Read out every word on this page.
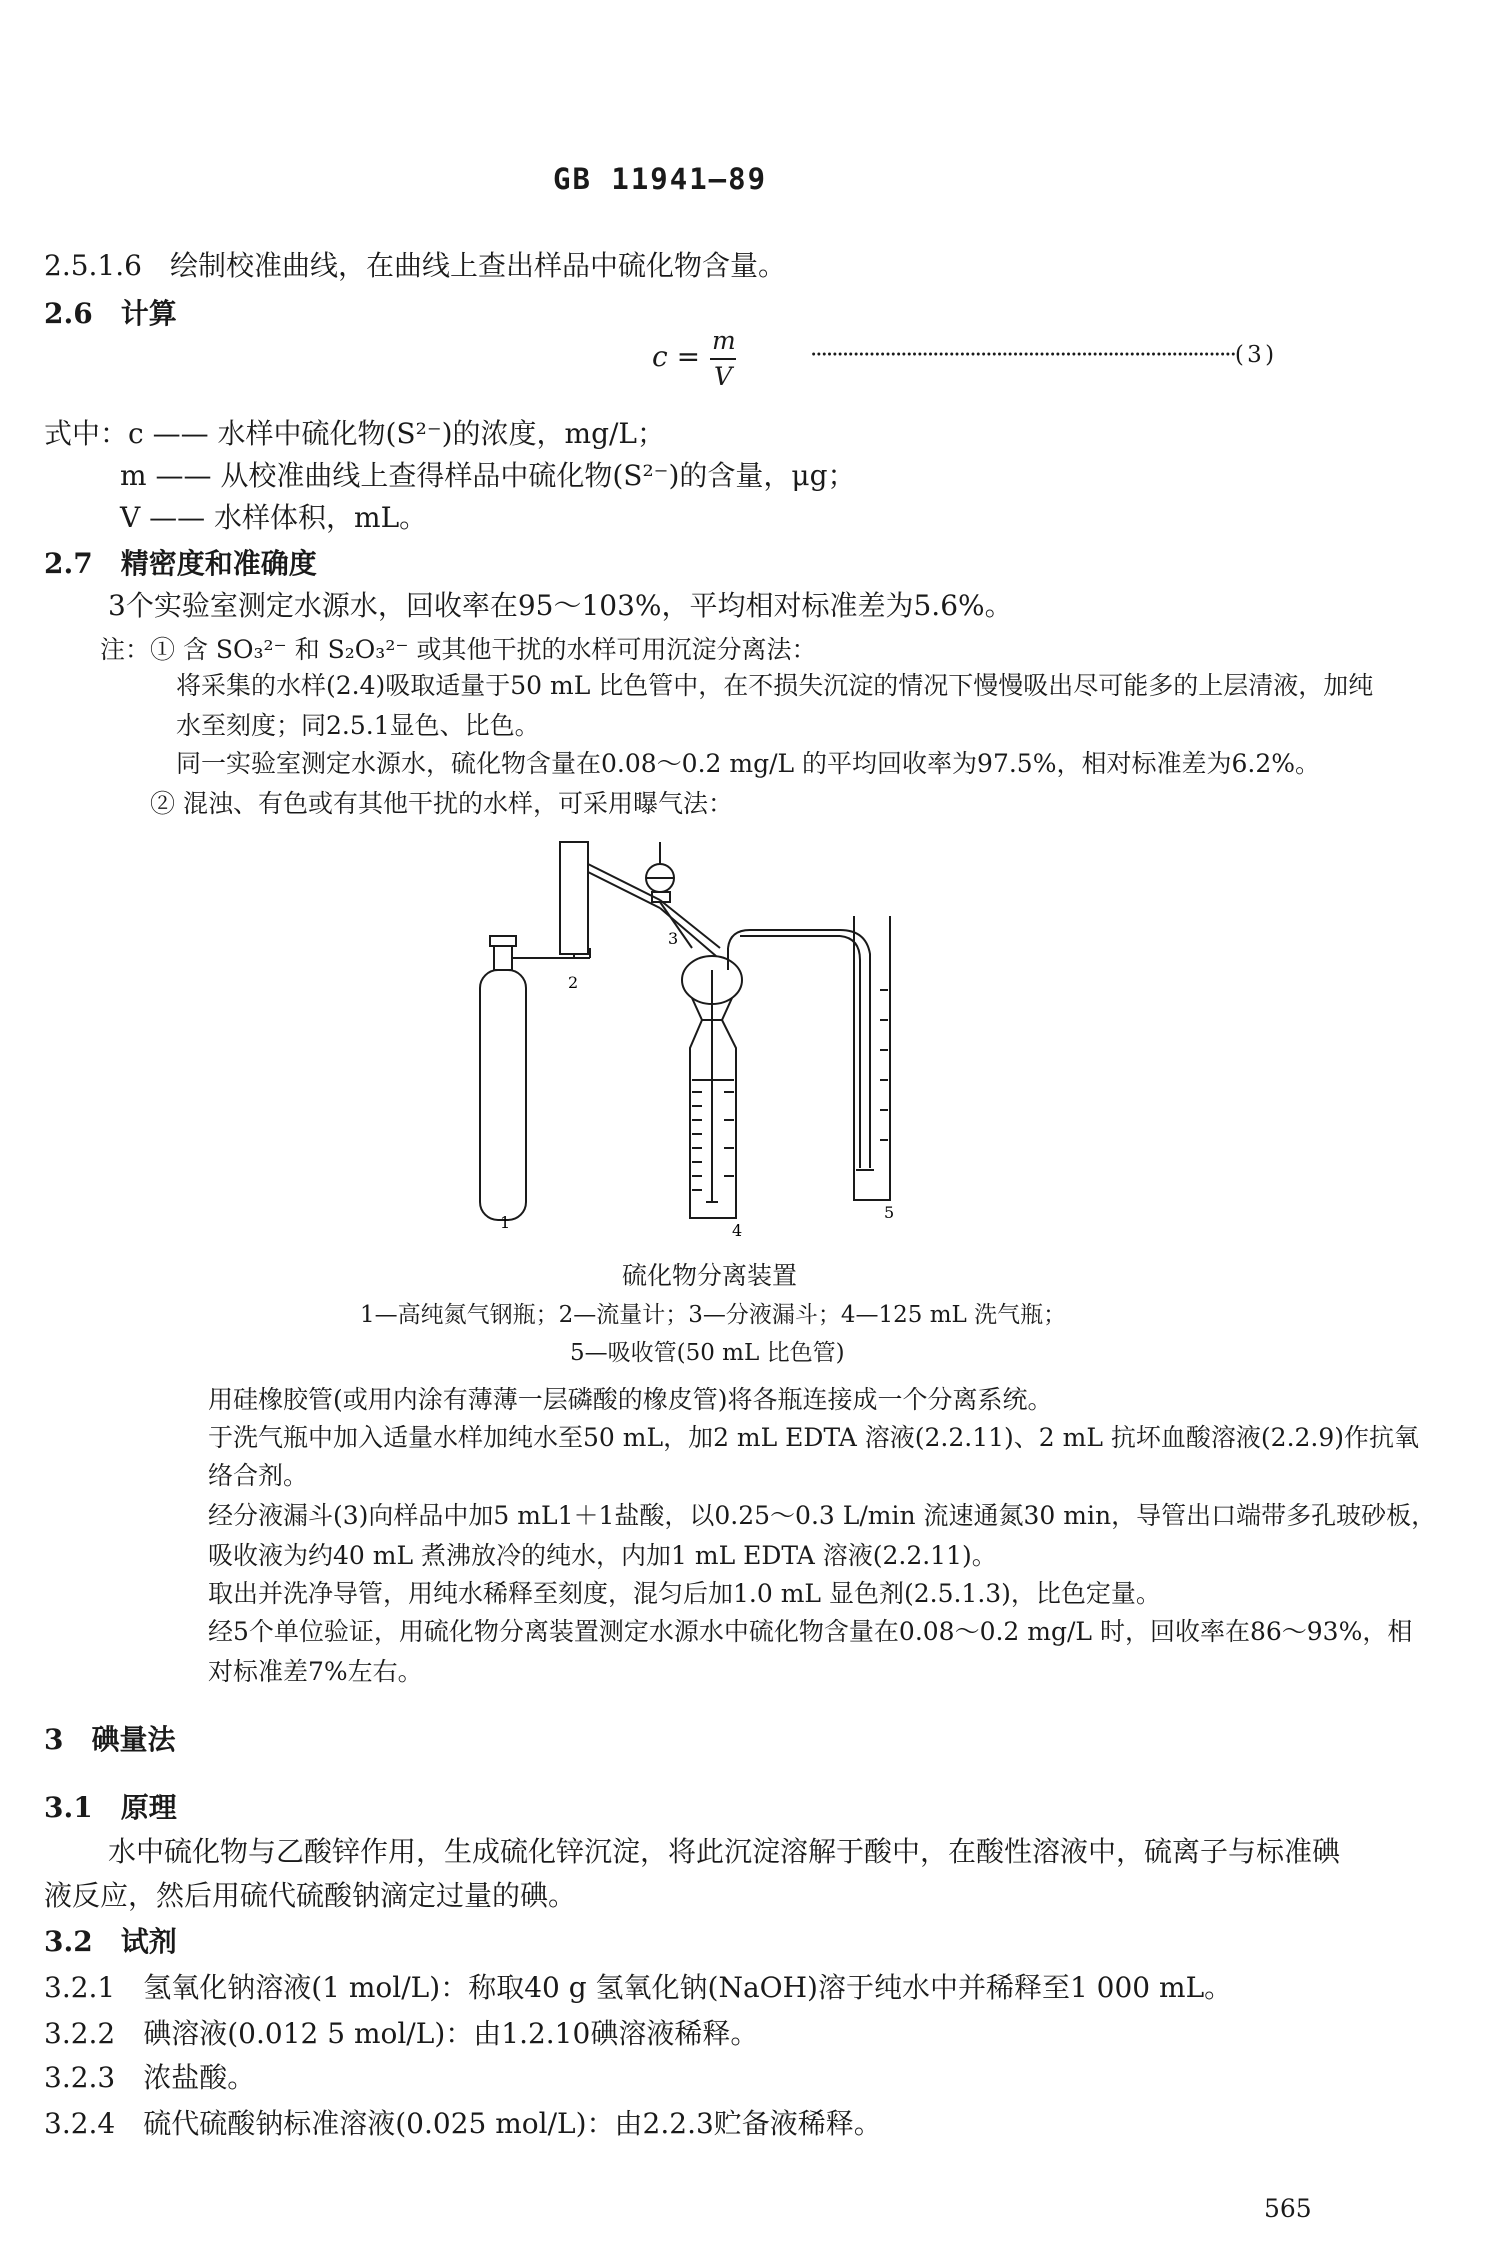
GB 11941—89
2.5.1.6　绘制校准曲线，在曲线上查出样品中硫化物含量。
2.6　计算
c = m
V
················································································( 3 )
式中：c —— 水样中硫化物(S²⁻)的浓度，mg/L；
m —— 从校准曲线上查得样品中硫化物(S²⁻)的含量，μg；
V —— 水样体积，mL。
2.7　精密度和准确度
3个实验室测定水源水，回收率在95～103%，平均相对标准差为5.6%。
注：① 含 SO₃²⁻ 和 S₂O₃²⁻ 或其他干扰的水样可用沉淀分离法：
将采集的水样(2.4)吸取适量于50 mL 比色管中，在不损失沉淀的情况下慢慢吸出尽可能多的上层清液，加纯
水至刻度；同2.5.1显色、比色。
同一实验室测定水源水，硫化物含量在0.08～0.2 mg/L 的平均回收率为97.5%，相对标准差为6.2%。
② 混浊、有色或有其他干扰的水样，可采用曝气法：
1
2
3
4
5
硫化物分离装置
1—高纯氮气钢瓶；2—流量计；3—分液漏斗；4—125 mL 洗气瓶；
5—吸收管(50 mL 比色管)
用硅橡胶管(或用内涂有薄薄一层磷酸的橡皮管)将各瓶连接成一个分离系统。
于洗气瓶中加入适量水样加纯水至50 mL，加2 mL EDTA 溶液(2.2.11)、2 mL 抗坏血酸溶液(2.2.9)作抗氧
络合剂。
经分液漏斗(3)向样品中加5 mL1＋1盐酸，以0.25～0.3 L/min 流速通氮30 min，导管出口端带多孔玻砂板，
吸收液为约40 mL 煮沸放冷的纯水，内加1 mL EDTA 溶液(2.2.11)。
取出并洗净导管，用纯水稀释至刻度，混匀后加1.0 mL 显色剂(2.5.1.3)，比色定量。
经5个单位验证，用硫化物分离装置测定水源水中硫化物含量在0.08～0.2 mg/L 时，回收率在86～93%，相
对标准差7%左右。
3　碘量法
3.1　原理
水中硫化物与乙酸锌作用，生成硫化锌沉淀，将此沉淀溶解于酸中，在酸性溶液中，硫离子与标准碘
液反应，然后用硫代硫酸钠滴定过量的碘。
3.2　试剂
3.2.1　氢氧化钠溶液(1 mol/L)：称取40 g 氢氧化钠(NaOH)溶于纯水中并稀释至1 000 mL。
3.2.2　碘溶液(0.012 5 mol/L)：由1.2.10碘溶液稀释。
3.2.3　浓盐酸。
3.2.4　硫代硫酸钠标准溶液(0.025 mol/L)：由2.2.3贮备液稀释。
565
